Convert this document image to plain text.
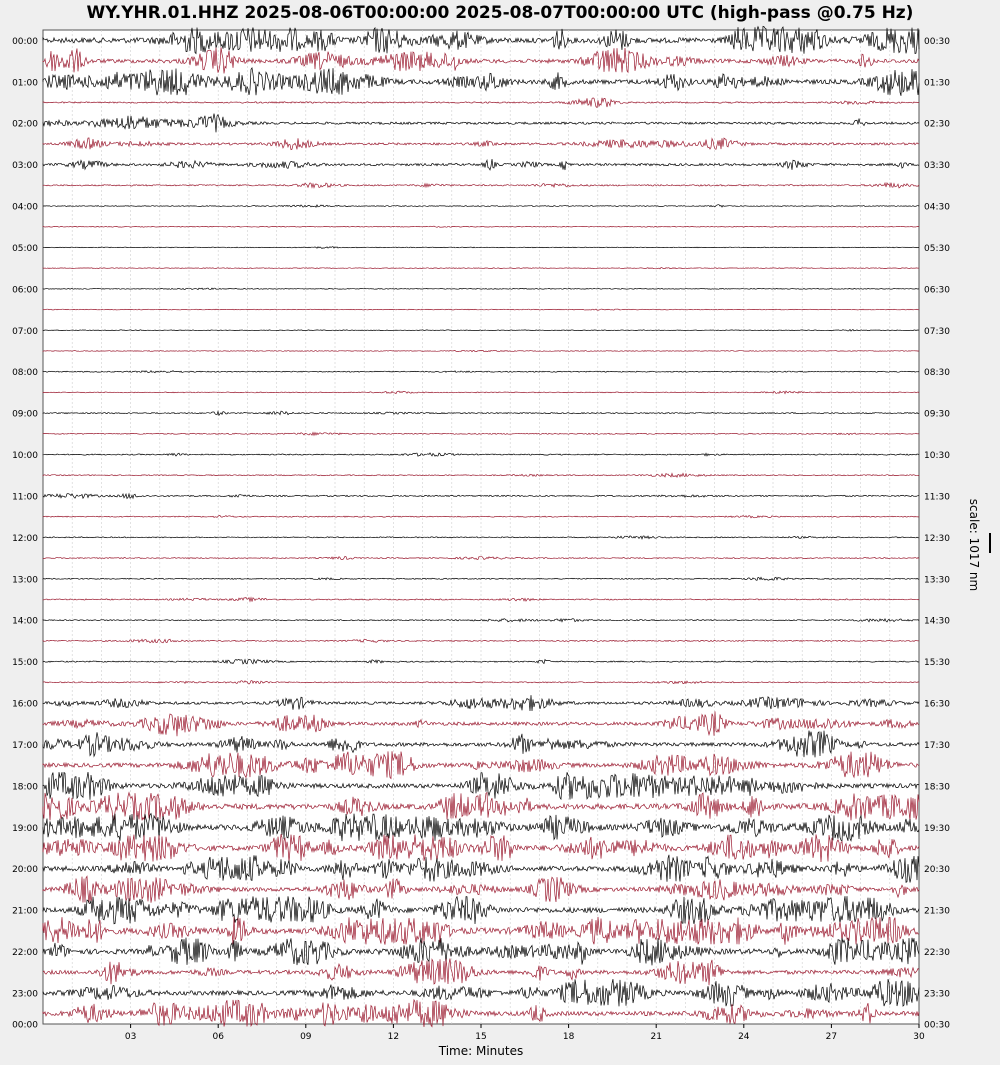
WY.YHR.01.HHZ 2025-08-06T00:00:00 2025-08-07T00:00:00 UTC (high-pass @0.75 Hz)
00:00
01:00
02:00
03:00
04:00
05:00
06:00
07:00
08:00
09:00
10:00
11:00
12:00
13:00
14:00
15:00
16:00
17:00
18:00
19:00
20:00
21:00
22:00
23:00
00:00
00:30
01:30
02:30
03:30
04:30
05:30
06:30
07:30
08:30
09:30
10:30
11:30
12:30
13:30
14:30
15:30
16:30
17:30
18:30
19:30
20:30
21:30
22:30
23:30
00:30
03	06	09	12	15	18	21	24	27	30
Time: Minutes
scale: 1017 nm
